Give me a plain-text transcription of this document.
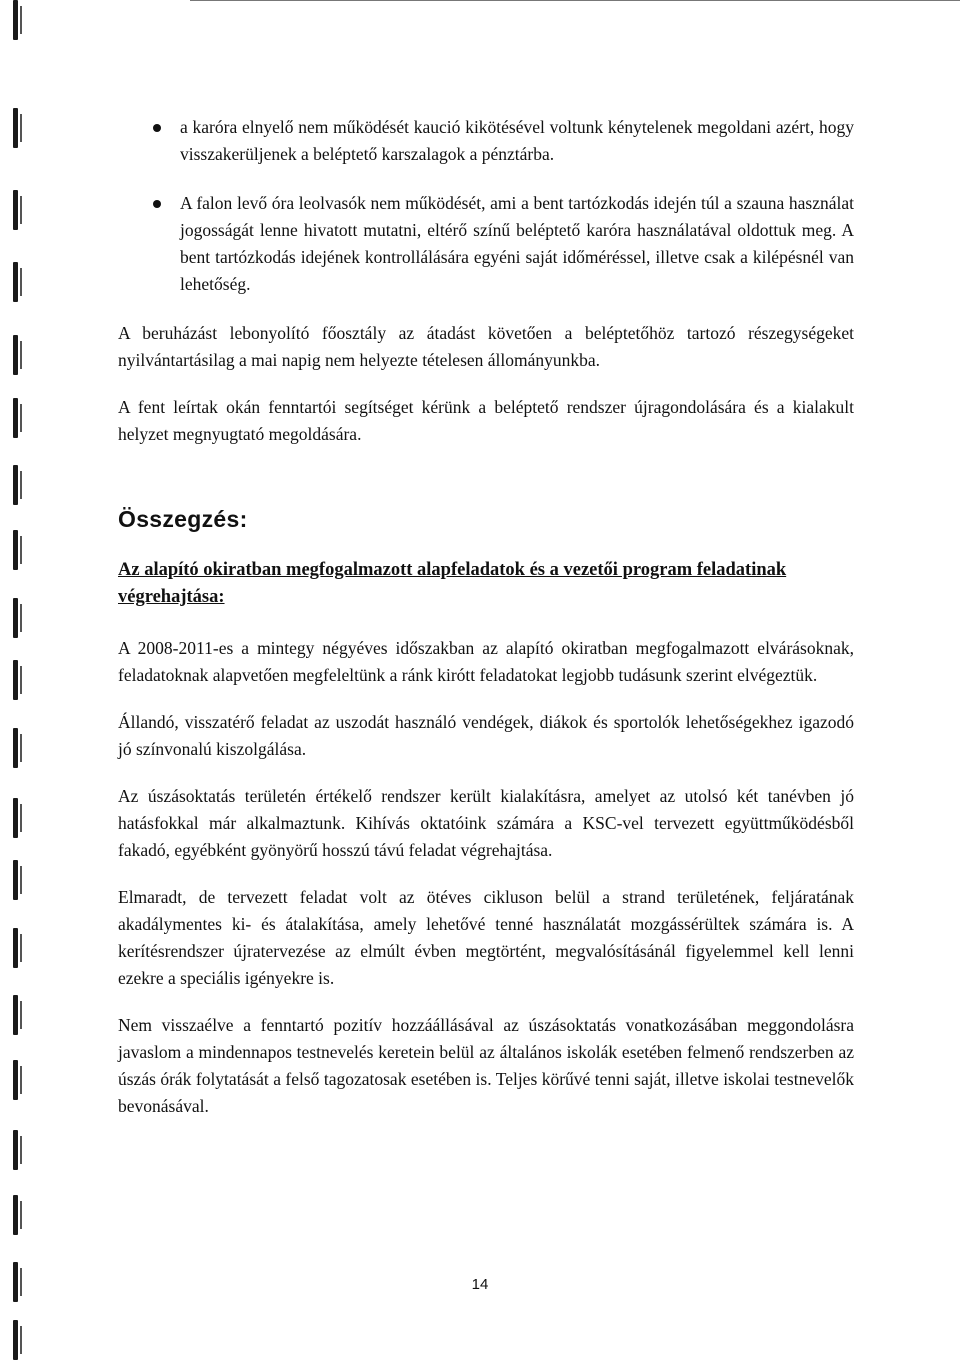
a karóra elnyelő nem működését kaució kikötésével voltunk kénytelenek megoldani azért, hogy visszakerüljenek a beléptető karszalagok a pénztárba.
A falon levő óra leolvasók nem működését, ami a bent tartózkodás idején túl a szauna használat jogosságát lenne hivatott mutatni, eltérő színű beléptető karóra használatával oldottuk meg. A bent tartózkodás idejének kontrollálására egyéni saját időméréssel, illetve csak a kilépésnél van lehetőség.

A beruházást lebonyolító főosztály az átadást követően a beléptetőhöz tartozó részegységeket nyilvántartásilag a mai napig nem helyezte tételesen állományunkba.

A fent leírtak okán fenntartói segítséget kérünk a beléptető rendszer újragondolására és a kialakult helyzet megnyugtató megoldására.

Összegzés:

Az alapító okiratban megfogalmazott alapfeladatok és a vezetői program feladatinak végrehajtása:

A 2008-2011-es a mintegy négyéves időszakban az alapító okiratban megfogalmazott elvárásoknak, feladatoknak alapvetően megfeleltünk a ránk kirótt feladatokat legjobb tudásunk szerint elvégeztük.

Állandó, visszatérő feladat az uszodát használó vendégek, diákok és sportolók lehetőségekhez igazodó jó színvonalú kiszolgálása.

Az úszásoktatás területén értékelő rendszer került kialakításra, amelyet az utolsó két tanévben jó hatásfokkal már alkalmaztunk. Kihívás oktatóink számára a KSC-vel tervezett együttműködésből fakadó, egyébként gyönyörű hosszú távú feladat végrehajtása.

Elmaradt, de tervezett feladat volt az ötéves cikluson belül a strand területének, feljáratának akadálymentes ki- és átalakítása, amely lehetővé tenné használatát mozgássérültek számára is. A kerítésrendszer újratervezése az elmúlt évben megtörtént, megvalósításánál figyelemmel kell lenni ezekre a speciális igényekre is.

Nem visszaélve a fenntartó pozitív hozzáállásával az úszásoktatás vonatkozásában meggondolásra javaslom a mindennapos testnevelés keretein belül az általános iskolák esetében felmenő rendszerben az úszás órák folytatását a felső tagozatosak esetében is. Teljes körűvé tenni saját, illetve iskolai testnevelők bevonásával.

14
